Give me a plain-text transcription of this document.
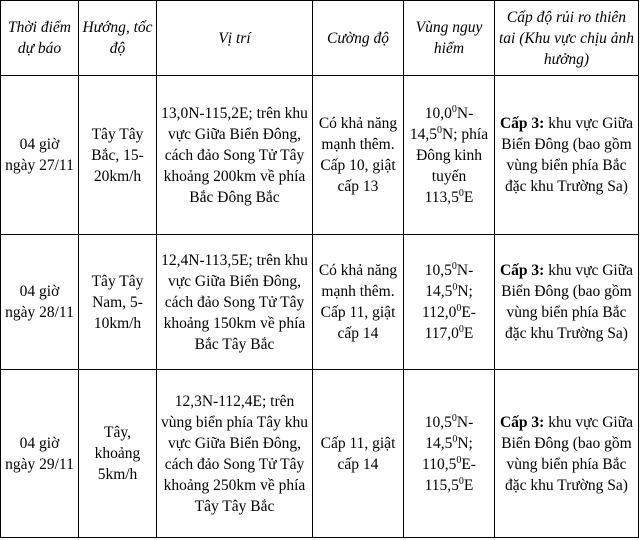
Thời điểm dự báo	Hướng, tốc độ	Vị trí	Cường độ	Vùng nguy hiểm	Cấp độ rủi ro thiên tai (Khu vực chịu ảnh hưởng)
04 giờ ngày 27/11	Tây Tây Bắc, 15-20km/h	13,0N-115,2E; trên khu vực Giữa Biển Đông, cách đảo Song Tử Tây khoảng 200km về phía Bắc Đông Bắc	Có khả năng mạnh thêm. Cấp 10, giật cấp 13	10,0$^0$N-14,5$^0$N; phía Đông kinh tuyến 113,5$^0$E	Cấp 3: khu vực Giữa Biển Đông (bao gồm vùng biển phía Bắc đặc khu Trường Sa)
04 giờ ngày 28/11	Tây Tây Nam, 5-10km/h	12,4N-113,5E; trên khu vực Giữa Biển Đông, cách đảo Song Tử Tây khoảng 150km về phía Bắc Tây Bắc	Có khả năng mạnh thêm. Cấp 11, giật cấp 14	10,5$^0$N-14,5$^0$N; 112,0$^0$E-117,0$^0$E	Cấp 3: khu vực Giữa Biển Đông (bao gồm vùng biển phía Bắc đặc khu Trường Sa)
04 giờ ngày 29/11	Tây, khoảng 5km/h	12,3N-112,4E; trên vùng biển phía Tây khu vực Giữa Biển Đông, cách đảo Song Tử Tây khoảng 250km về phía Tây Tây Bắc	Cấp 11, giật cấp 14	10,5$^0$N-14,5$^0$N; 110,5$^0$E-115,5$^0$E	Cấp 3: khu vực Giữa Biển Đông (bao gồm vùng biển phía Bắc đặc khu Trường Sa)
